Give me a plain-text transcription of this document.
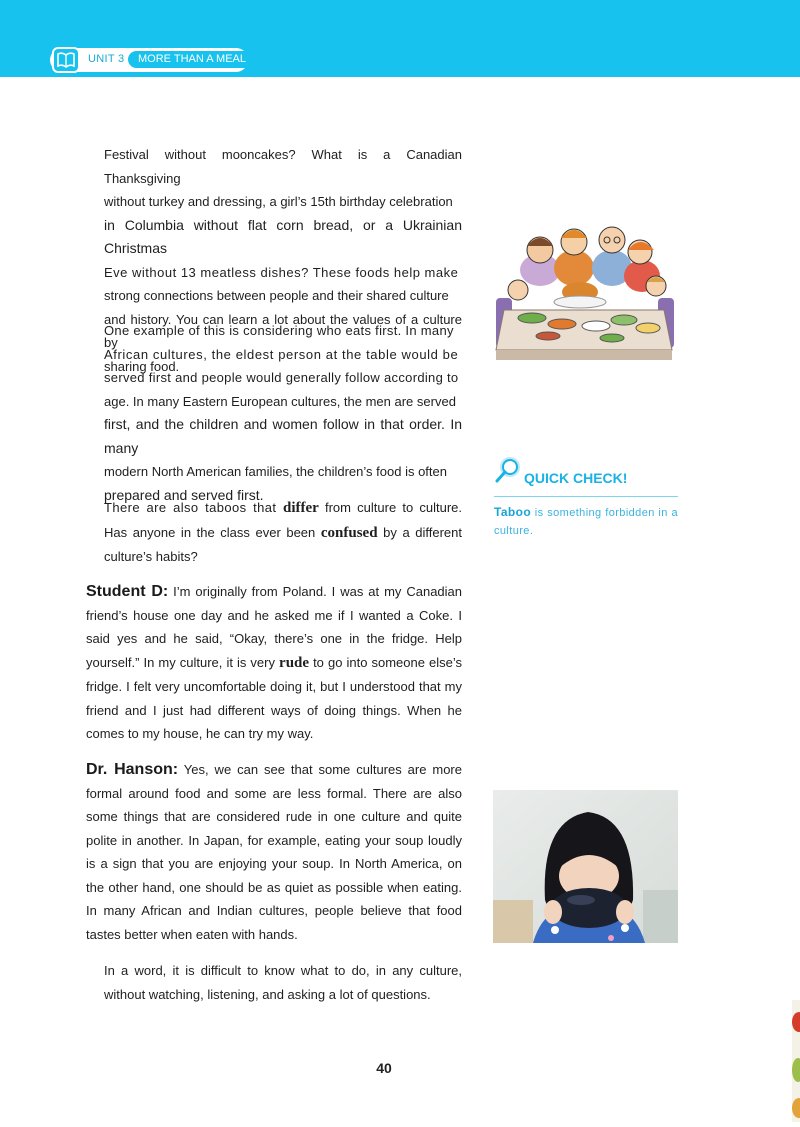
UNIT 3	MORE THAN A MEAL

Festival without mooncakes? What is a Canadian Thanksgiving

without turkey and dressing, a girl’s 15th birthday celebration

in Columbia without flat corn bread, or a Ukrainian Christmas

Eve without 13 meatless dishes? These foods help make

strong connections between people and their shared culture

and history. You can learn a lot about the values of a culture by

sharing food.

One example of this is considering who eats first. In many

African cultures, the eldest person at the table would be

served first and people would generally follow according to

age. In many Eastern European cultures, the men are served

first, and the children and women follow in that order. In many

modern North American families, the children’s food is often

prepared and served first.

There are also taboos that differ from culture to culture. Has anyone in the class ever been confused by a different culture’s habits?
Student D: I’m originally from Poland. I was at my Canadian friend’s house one day and he asked me if I wanted a Coke. I said yes and he said, “Okay, there’s one in the fridge. Help yourself.” In my culture, it is very rude to go into someone else’s fridge. I felt very uncomfortable doing it, but I understood that my friend and I just had different ways of doing things. When he comes to my house, he can try my way.
Dr. Hanson: Yes, we can see that some cultures are more formal around food and some are less formal. There are also some things that are considered rude in one culture and quite polite in another. In Japan, for example, eating your soup loudly is a sign that you are enjoying your soup. In North America, on the other hand, one should be as quiet as possible when eating. In many African and Indian cultures, people believe that food tastes better when eaten with hands.
In a word, it is difficult to know what to do, in any culture, without watching, listening, and asking a lot of questions.
QUICK CHECK!
Taboo is something forbidden in a culture.
40
